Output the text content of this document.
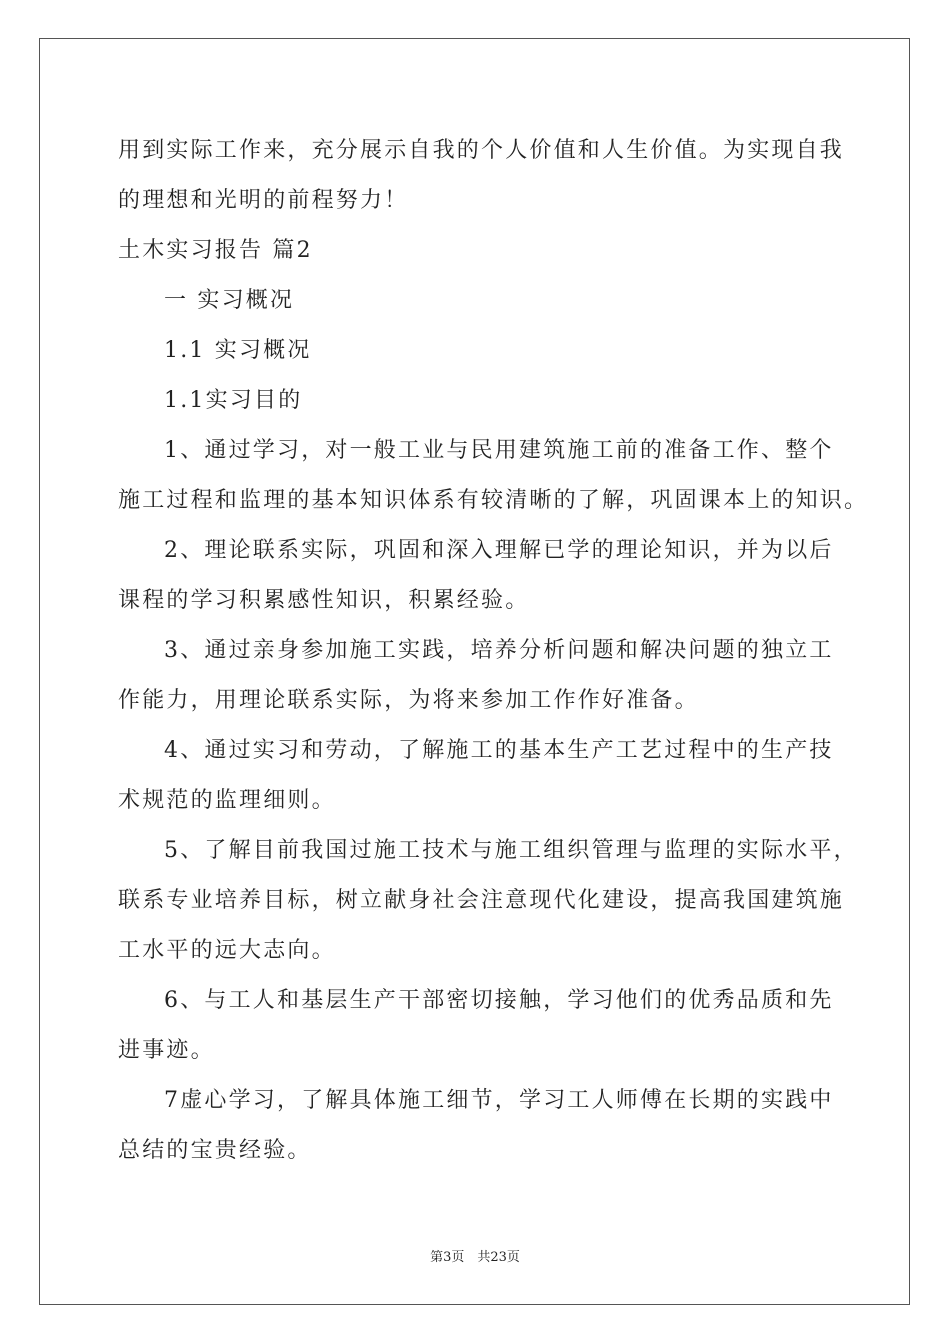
用到实际工作来，充分展示自我的个人价值和人生价值。为实现自我
的理想和光明的前程努力！
土木实习报告 篇2
一 实习概况
1.1 实习概况
1.1实习目的
1、通过学习，对一般工业与民用建筑施工前的准备工作、整个
施工过程和监理的基本知识体系有较清晰的了解，巩固课本上的知识。
2、理论联系实际，巩固和深入理解已学的理论知识，并为以后
课程的学习积累感性知识，积累经验。
3、通过亲身参加施工实践，培养分析问题和解决问题的独立工
作能力，用理论联系实际，为将来参加工作作好准备。
4、通过实习和劳动，了解施工的基本生产工艺过程中的生产技
术规范的监理细则。
5、了解目前我国过施工技术与施工组织管理与监理的实际水平，
联系专业培养目标，树立献身社会注意现代化建设，提高我国建筑施
工水平的远大志向。
6、与工人和基层生产干部密切接触，学习他们的优秀品质和先
进事迹。
7虚心学习，了解具体施工细节，学习工人师傅在长期的实践中
总结的宝贵经验。
第3页　共23页
